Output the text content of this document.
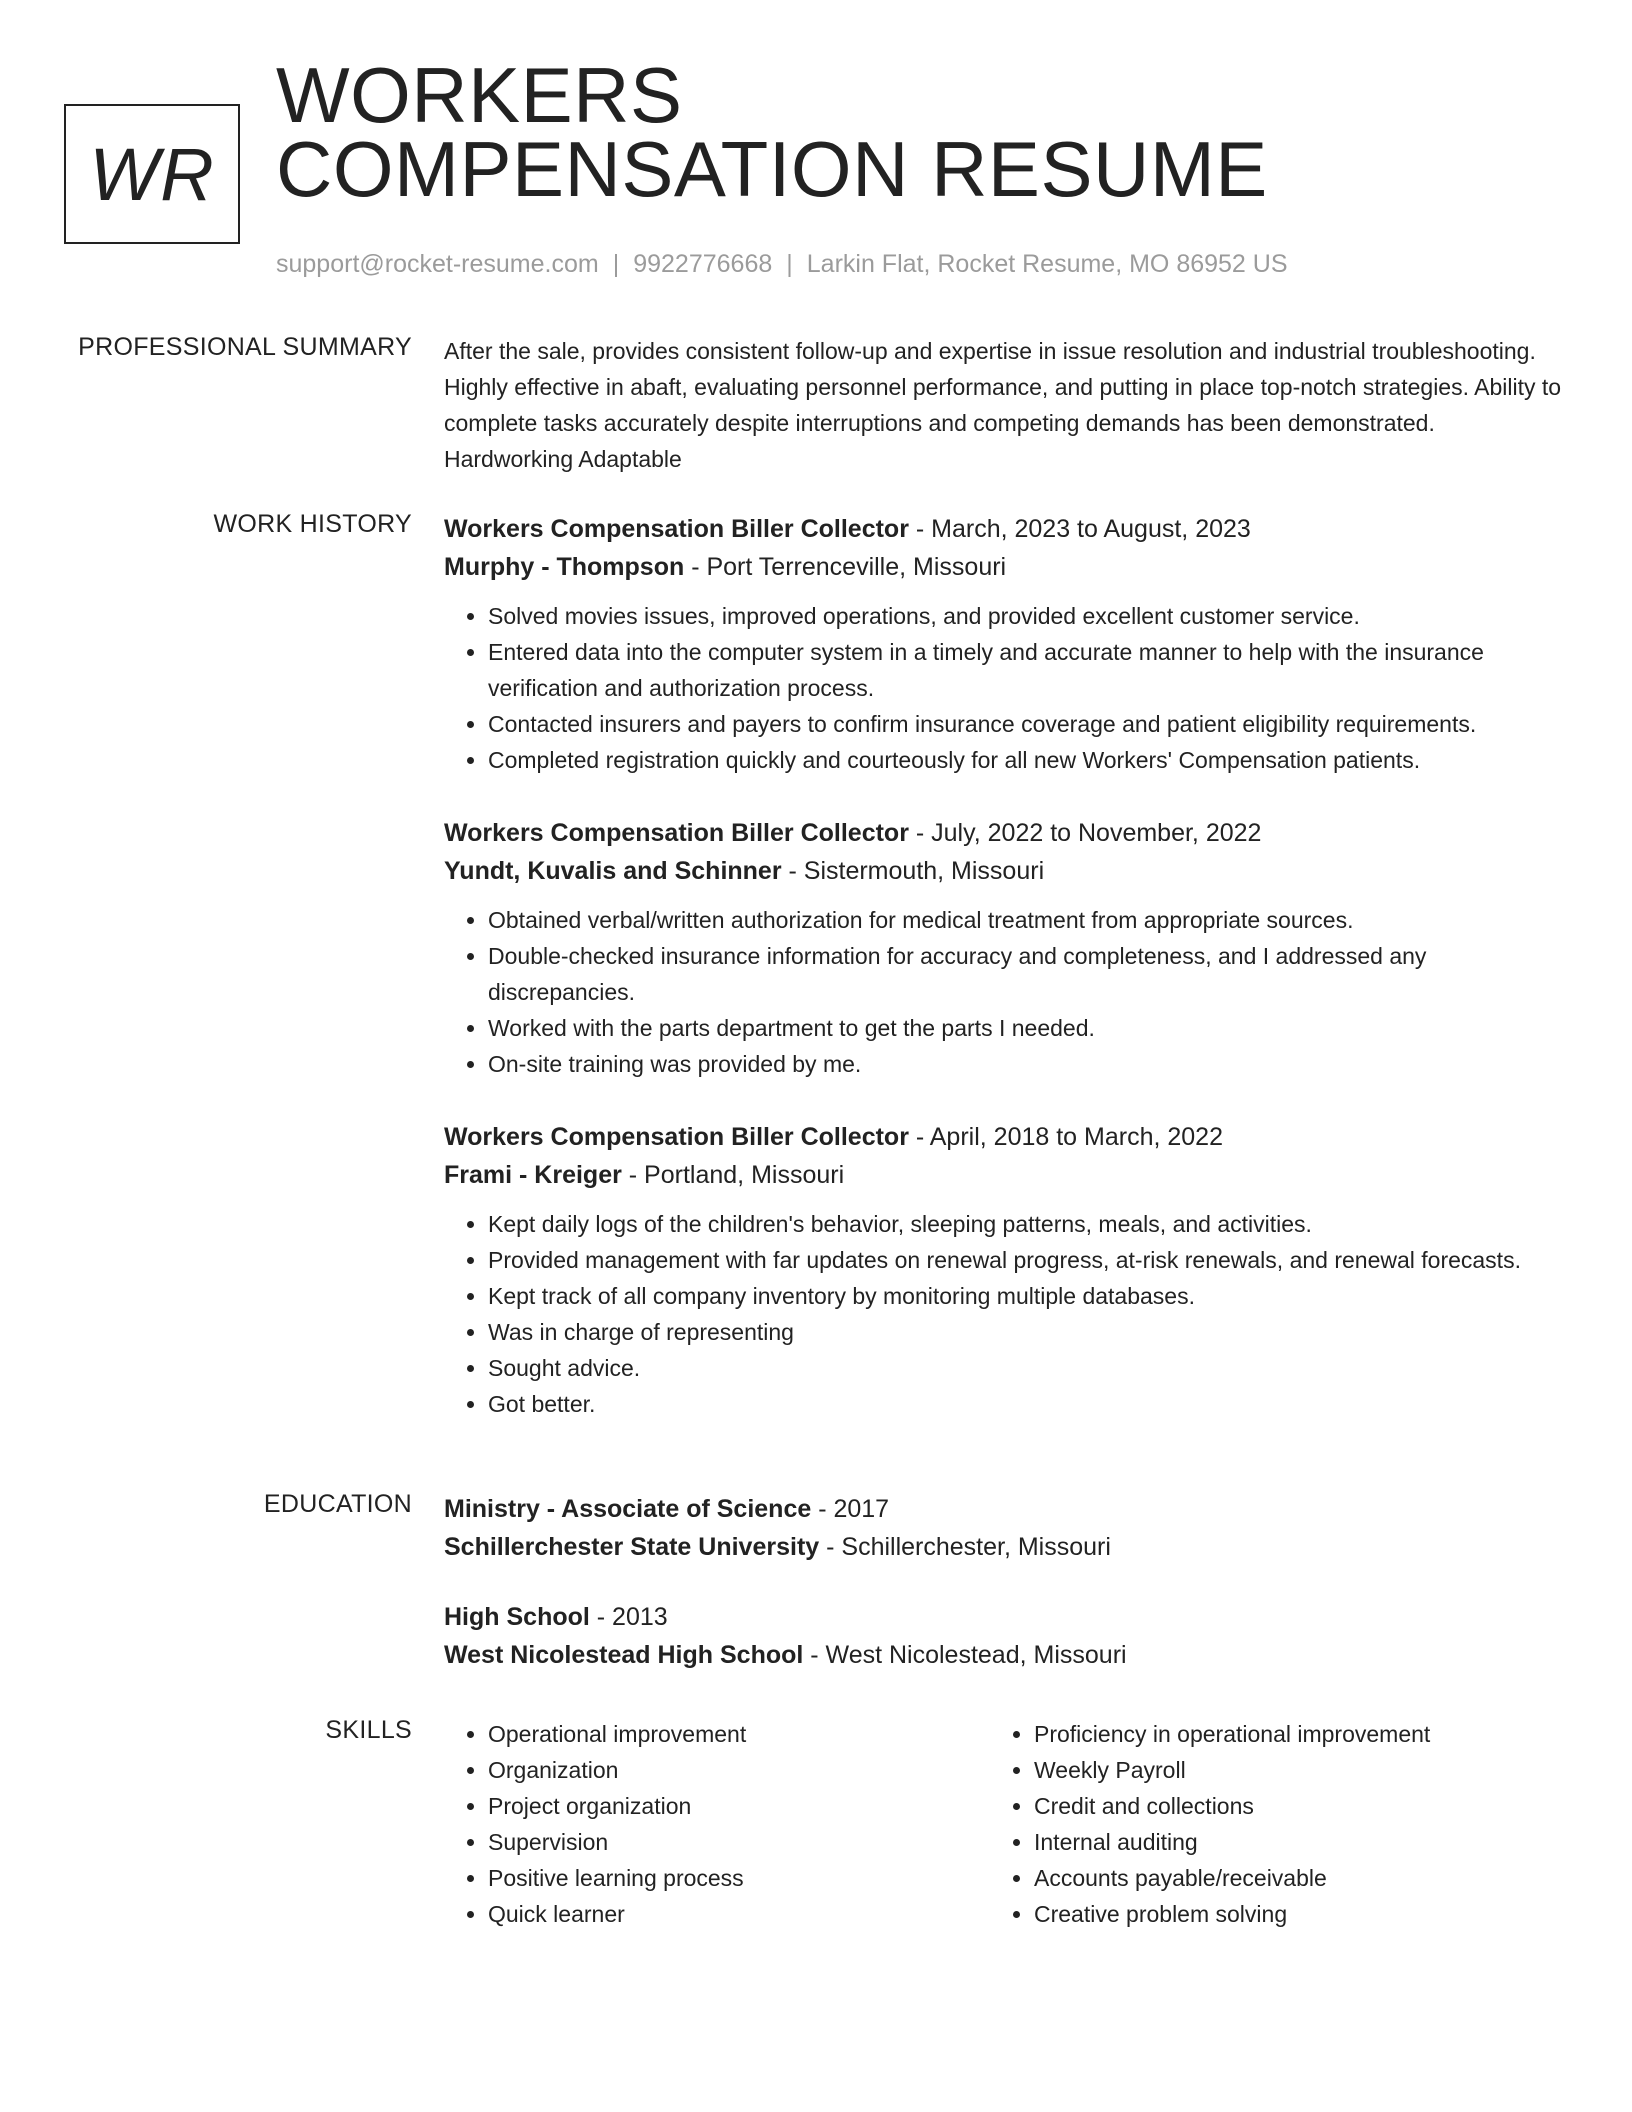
WR
WORKERS
COMPENSATION RESUME
support@rocket-resume.com | 9922776668 | Larkin Flat, Rocket Resume, MO 86952 US
PROFESSIONAL SUMMARY After the sale, provides consistent follow-up and expertise in issue resolution and industrial troubleshooting. Highly effective in abaft, evaluating personnel performance, and putting in place top-notch strategies. Ability to complete tasks accurately despite interruptions and competing demands has been demonstrated. Hardworking Adaptable

WORK HISTORY Workers Compensation Biller Collector - March, 2023 to August, 2023
Murphy - Thompson - Port Terrenceville, Missouri
• Solved movies issues, improved operations, and provided excellent customer service.
• Entered data into the computer system in a timely and accurate manner to help with the insurance verification and authorization process.
• Contacted insurers and payers to confirm insurance coverage and patient eligibility requirements.
• Completed registration quickly and courteously for all new Workers' Compensation patients.
Workers Compensation Biller Collector - July, 2022 to November, 2022
Yundt, Kuvalis and Schinner - Sistermouth, Missouri
• Obtained verbal/written authorization for medical treatment from appropriate sources.
• Double-checked insurance information for accuracy and completeness, and I addressed any discrepancies.
• Worked with the parts department to get the parts I needed.
• On-site training was provided by me.
Workers Compensation Biller Collector - April, 2018 to March, 2022
Frami - Kreiger - Portland, Missouri
• Kept daily logs of the children's behavior, sleeping patterns, meals, and activities.
• Provided management with far updates on renewal progress, at-risk renewals, and renewal forecasts.
• Kept track of all company inventory by monitoring multiple databases.
• Was in charge of representing
• Sought advice.
• Got better.
EDUCATION Ministry - Associate of Science - 2017
Schillerchester State University - Schillerchester, Missouri
High School - 2013
West Nicolestead High School - West Nicolestead, Missouri
SKILLS
•	Operational improvement
• Organization
• Project organization
• Supervision
• Positive learning process
• Quick learner
• Proficiency in operational improvement
• Weekly Payroll
• Credit and collections
• Internal auditing
• Accounts payable/receivable
• Creative problem solving
